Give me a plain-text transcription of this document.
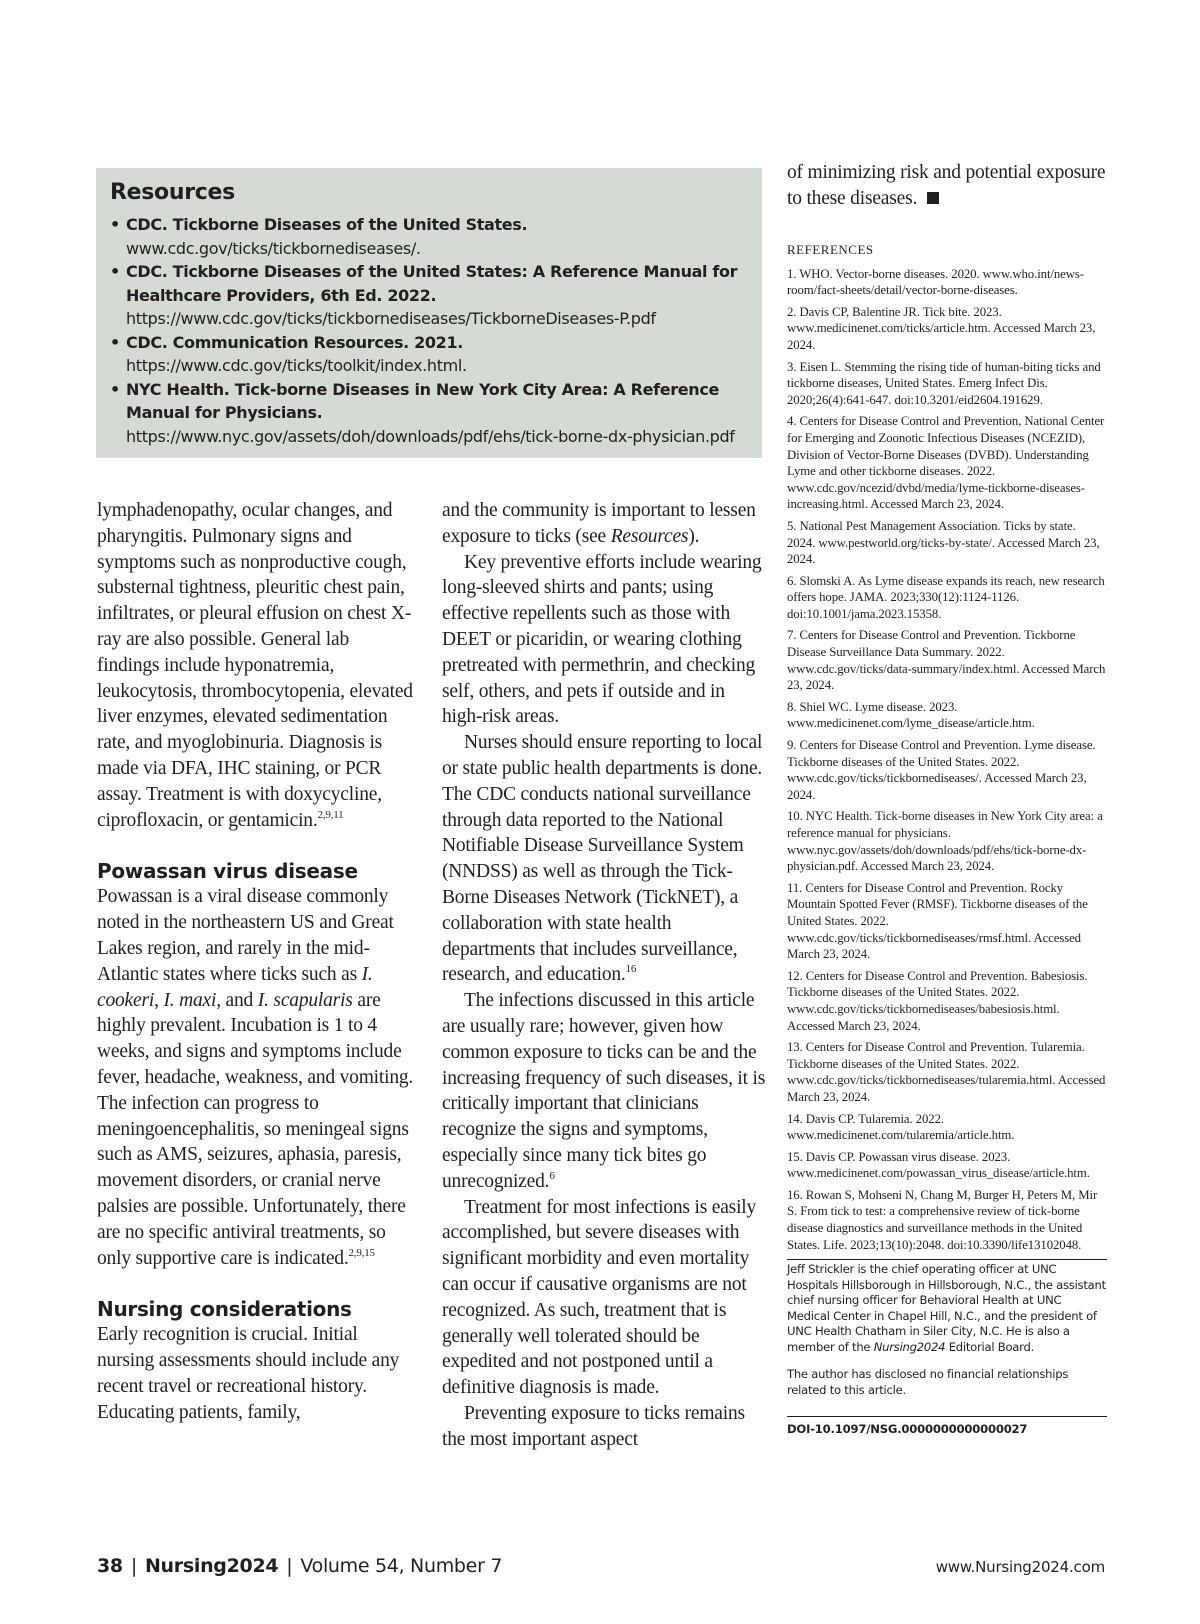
Resources
• CDC. Tickborne Diseases of the United States.
www.cdc.gov/ticks/tickbornediseases/.
• CDC. Tickborne Diseases of the United States: A Reference Manual for Healthcare Providers, 6th Ed. 2022.
https://www.cdc.gov/ticks/tickbornediseases/TickborneDiseases-P.pdf
• CDC. Communication Resources. 2021.
https://www.cdc.gov/ticks/toolkit/index.html.
• NYC Health. Tick-borne Diseases in New York City Area: A Reference Manual for Physicians. https://www.nyc.gov/assets/doh/downloads/pdf/ehs/tick-borne-dx-physician.pdf

lymphadenopathy, ocular changes, and pharyngitis. Pulmonary signs and symptoms such as nonproductive cough, substernal tightness, pleuritic chest pain, infiltrates, or pleural effusion on chest X-ray are also possible. General lab findings include hyponatremia, leukocytosis, thrombocytopenia, elevated liver enzymes, elevated sedimentation rate, and myoglobinuria. Diagnosis is made via DFA, IHC staining, or PCR assay. Treatment is with doxycycline, ciprofloxacin, or gentamicin.$^{2,9,11}$

Powassan virus disease

Powassan is a viral disease commonly noted in the northeastern US and Great Lakes region, and rarely in the mid-Atlantic states where ticks such as I. cookeri, I. maxi, and I. scapularis are highly prevalent. Incubation is 1 to 4 weeks, and signs and symptoms include fever, headache, weakness, and vomiting. The infection can progress to meningoencephalitis, so meningeal signs such as AMS, seizures, aphasia, paresis, movement disorders, or cranial nerve palsies are possible. Unfortunately, there are no specific antiviral treatments, so only supportive care is indicated.$^{2,9,15}$

Nursing considerations

Early recognition is crucial. Initial nursing assessments should include any recent travel or recreational history. Educating patients, family,

and the community is important to lessen exposure to ticks (see Resources).

Key preventive efforts include wearing long-sleeved shirts and pants; using effective repellents such as those with DEET or picaridin, or wearing clothing pretreated with permethrin, and checking self, others, and pets if outside and in high-risk areas.

Nurses should ensure reporting to local or state public health departments is done. The CDC conducts national surveillance through data reported to the National Notifiable Disease Surveillance System (NNDSS) as well as through the Tick-Borne Diseases Network (TickNET), a collaboration with state health departments that includes surveillance, research, and education.$^{16}$

The infections discussed in this article are usually rare; however, given how common exposure to ticks can be and the increasing frequency of such diseases, it is critically important that clinicians recognize the signs and symptoms, especially since many tick bites go unrecognized.$^6$

Treatment for most infections is easily accomplished, but severe diseases with significant morbidity and even mortality can occur if causative organisms are not recognized. As such, treatment that is generally well tolerated should be expedited and not postponed until a definitive diagnosis is made.

Preventing exposure to ticks remains the most important aspect

of minimizing risk and potential exposure to these diseases.

REFERENCES
1. WHO. Vector-borne diseases. 2020. www.who.int/news-room/fact-sheets/detail/vector-borne-diseases.
2. Davis CP, Balentine JR. Tick bite. 2023. www.medicinenet.com/ticks/article.htm. Accessed March 23, 2024.
3. Eisen L. Stemming the rising tide of human-biting ticks and tickborne diseases, United States. Emerg Infect Dis. 2020;26(4):641-647. doi:10.3201/eid2604.191629.
4. Centers for Disease Control and Prevention, National Center for Emerging and Zoonotic Infectious Diseases (NCEZID), Division of Vector-Borne Diseases (DVBD). Understanding Lyme and other tickborne diseases. 2022. www.cdc.gov/ncezid/dvbd/media/lyme-tickborne-diseases-increasing.html. Accessed March 23, 2024.
5. National Pest Management Association. Ticks by state. 2024. www.pestworld.org/ticks-by-state/. Accessed March 23, 2024.
6. Slomski A. As Lyme disease expands its reach, new research offers hope. JAMA. 2023;330(12):1124-1126. doi:10.1001/jama.2023.15358.
7. Centers for Disease Control and Prevention. Tickborne Disease Surveillance Data Summary. 2022. www.cdc.gov/ticks/data-summary/index.html. Accessed March 23, 2024.
8. Shiel WC. Lyme disease. 2023. www.medicinenet.com/lyme_disease/article.htm.
9. Centers for Disease Control and Prevention. Lyme disease. Tickborne diseases of the United States. 2022. www.cdc.gov/ticks/tickbornediseases/. Accessed March 23, 2024.
10. NYC Health. Tick-borne diseases in New York City area: a reference manual for physicians. www.nyc.gov/assets/doh/downloads/pdf/ehs/tick-borne-dx-physician.pdf. Accessed March 23, 2024.
11. Centers for Disease Control and Prevention. Rocky Mountain Spotted Fever (RMSF). Tickborne diseases of the United States. 2022. www.cdc.gov/ticks/tickbornediseases/rmsf.html. Accessed March 23, 2024.
12. Centers for Disease Control and Prevention. Babesiosis. Tickborne diseases of the United States. 2022. www.cdc.gov/ticks/tickbornediseases/babesiosis.html. Accessed March 23, 2024.
13. Centers for Disease Control and Prevention. Tularemia. Tickborne diseases of the United States. 2022. www.cdc.gov/ticks/tickbornediseases/tularemia.html. Accessed March 23, 2024.
14. Davis CP. Tularemia. 2022. www.medicinenet.com/tularemia/article.htm.
15. Davis CP. Powassan virus disease. 2023. www.medicinenet.com/powassan_virus_disease/article.htm.
16. Rowan S, Mohseni N, Chang M, Burger H, Peters M, Mir S. From tick to test: a comprehensive review of tick-borne disease diagnostics and surveillance methods in the United States. Life. 2023;13(10):2048. doi:10.3390/life13102048.

Jeff Strickler is the chief operating officer at UNC Hospitals Hillsborough in Hillsborough, N.C., the assistant chief nursing officer for Behavioral Health at UNC Medical Center in Chapel Hill, N.C., and the president of UNC Health Chatham in Siler City, N.C. He is also a member of the Nursing2024 Editorial Board.

The author has disclosed no financial relationships related to this article.

DOI-10.1097/NSG.0000000000000027

38 | Nursing2024 | Volume 54, Number 7	www.Nursing2024.com
